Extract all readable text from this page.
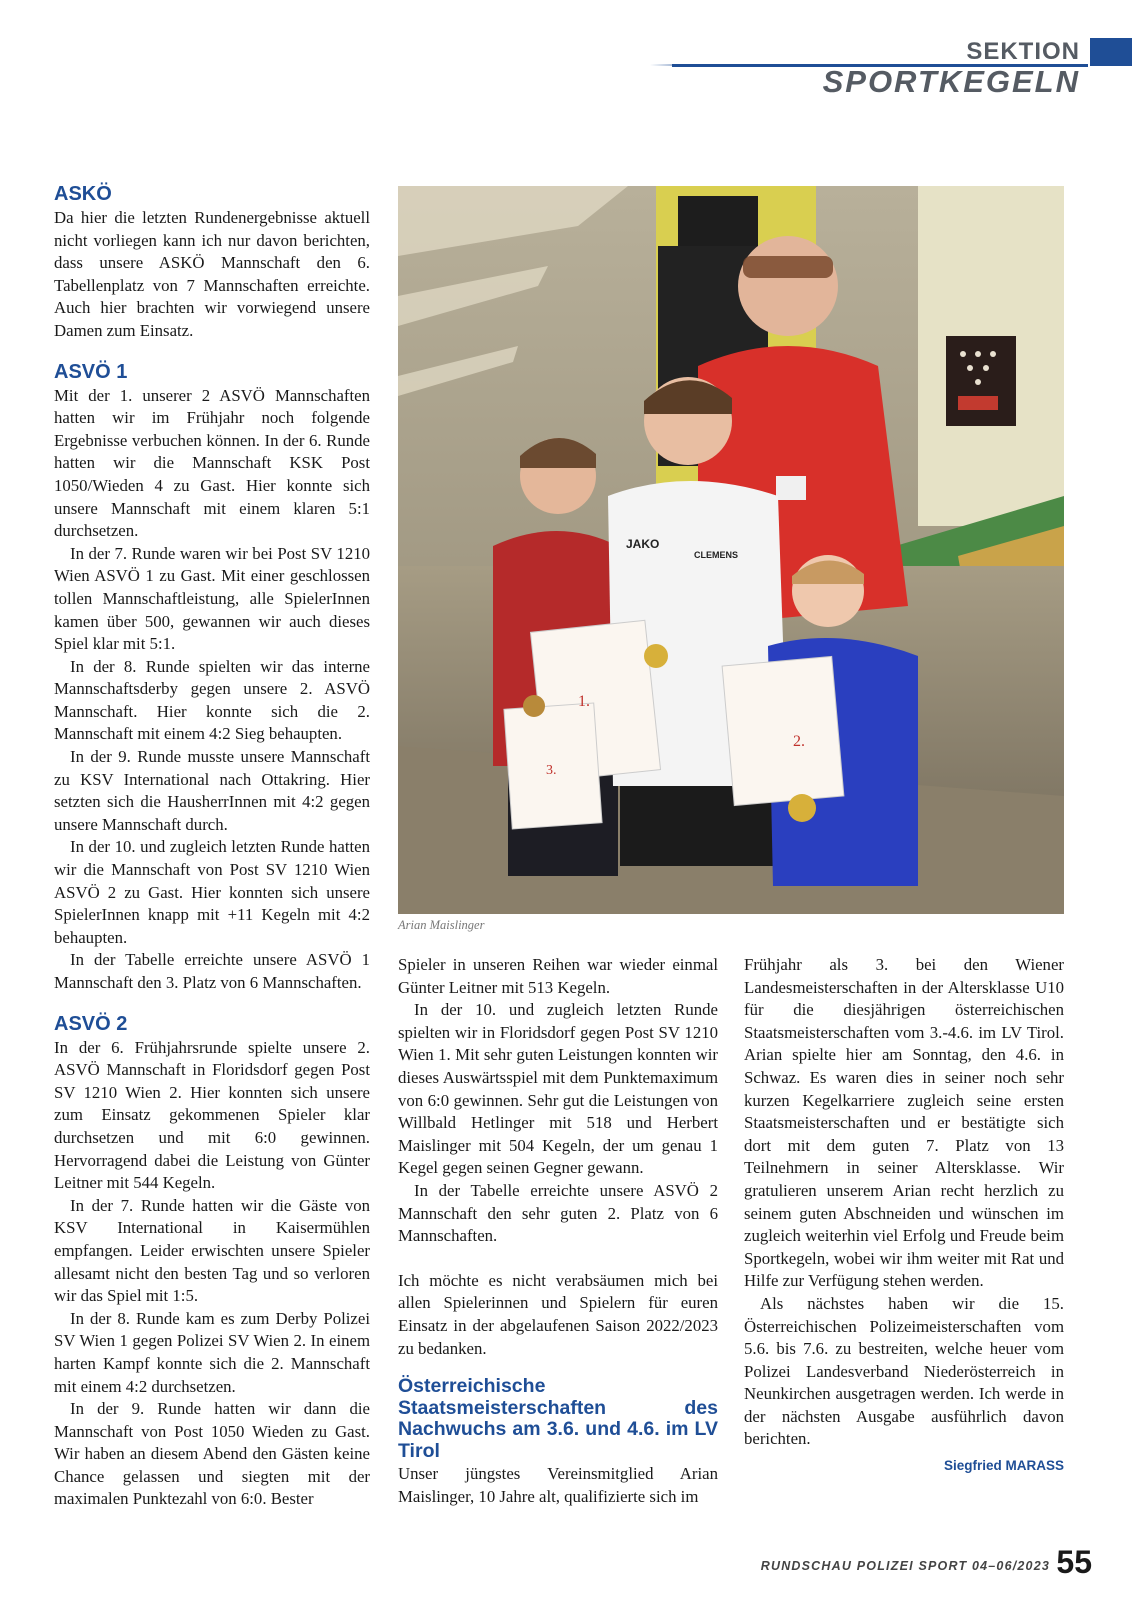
SEKTION
SPORTKEGELN
ASKÖ

Da hier die letzten Rundenergebnisse aktuell nicht vorliegen kann ich nur davon berichten, dass unsere ASKÖ Mannschaft den 6. Tabellenplatz von 7 Mannschaften erreichte. Auch hier brachten wir vorwiegend unsere Damen zum Einsatz.

ASVÖ 1

Mit der 1. unserer 2 ASVÖ Mannschaften hatten wir im Frühjahr noch folgende Ergebnisse verbuchen können. In der 6. Runde hatten wir die Mannschaft KSK Post 1050/Wieden 4 zu Gast. Hier konnte sich unsere Mannschaft mit einem klaren 5:1 durchsetzen.

In der 7. Runde waren wir bei Post SV 1210 Wien ASVÖ 1 zu Gast. Mit einer geschlossen tollen Mannschaftleistung, alle SpielerInnen kamen über 500, gewannen wir auch dieses Spiel klar mit 5:1.

In der 8. Runde spielten wir das interne Mannschaftsderby gegen unsere 2. ASVÖ Mannschaft. Hier konnte sich die 2. Mannschaft mit einem 4:2 Sieg behaupten.

In der 9. Runde musste unsere Mannschaft zu KSV International nach Ottakring. Hier setzten sich die HausherrInnen mit 4:2 gegen unsere Mannschaft durch.

In der 10. und zugleich letzten Runde hatten wir die Mannschaft von Post SV 1210 Wien ASVÖ 2 zu Gast. Hier konnten sich unsere SpielerInnen knapp mit +11 Kegeln mit 4:2 behaupten.

In der Tabelle erreichte unsere ASVÖ 1 Mannschaft den 3. Platz von 6 Mannschaften.

ASVÖ 2

In der 6. Frühjahrsrunde spielte unsere 2. ASVÖ Mannschaft in Floridsdorf gegen Post SV 1210 Wien 2. Hier konnten sich unsere zum Einsatz gekommenen Spieler klar durchsetzen und mit 6:0 gewinnen. Hervorragend dabei die Leistung von Günter Leitner mit 544 Kegeln.

In der 7. Runde hatten wir die Gäste von KSV International in Kaisermühlen empfangen. Leider erwischten unsere Spieler allesamt nicht den besten Tag und so verloren wir das Spiel mit 1:5.

In der 8. Runde kam es zum Derby Polizei SV Wien 1 gegen Polizei SV Wien 2. In einem harten Kampf konnte sich die 2. Mannschaft mit einem 4:2 durchsetzen.

In der 9. Runde hatten wir dann die Mannschaft von Post 1050 Wieden zu Gast. Wir haben an diesem Abend den Gästen keine Chance gelassen und siegten mit der maximalen Punktezahl von 6:0. Bester

JAKO
CLEMENS
1.
2.
3.
Arian Maislinger

Spieler in unseren Reihen war wieder einmal Günter Leitner mit 513 Kegeln.

In der 10. und zugleich letzten Runde spielten wir in Floridsdorf gegen Post SV 1210 Wien 1. Mit sehr guten Leistungen konnten wir dieses Auswärtsspiel mit dem Punktemaximum von 6:0 gewinnen. Sehr gut die Leistungen von Willbald Hetlinger mit 518 und Herbert Maislinger mit 504 Kegeln, der um genau 1 Kegel gegen seinen Gegner gewann.

In der Tabelle erreichte unsere ASVÖ 2 Mannschaft den sehr guten 2. Platz von 6 Mannschaften.

Ich möchte es nicht verabsäumen mich bei allen Spielerinnen und Spielern für euren Einsatz in der abgelaufenen Saison 2022/2023 zu bedanken.

Österreichische Staatsmeisterschaften des Nachwuchs am 3.6. und 4.6. im LV Tirol

Unser jüngstes Vereinsmitglied Arian Maislinger, 10 Jahre alt, qualifizierte sich im

Frühjahr als 3. bei den Wiener Landesmeisterschaften in der Altersklasse U10 für die diesjährigen österreichischen Staatsmeisterschaften vom 3.-4.6. im LV Tirol. Arian spielte hier am Sonntag, den 4.6. in Schwaz. Es waren dies in seiner noch sehr kurzen Kegelkarriere zugleich seine ersten Staatsmeisterschaften und er bestätigte sich dort mit dem guten 7. Platz von 13 Teilnehmern in seiner Altersklasse. Wir gratulieren unserem Arian recht herzlich zu seinem guten Abschneiden und wünschen im zugleich weiterhin viel Erfolg und Freude beim Sportkegeln, wobei wir ihm weiter mit Rat und Hilfe zur Verfügung stehen werden.

Als nächstes haben wir die 15. Österreichischen Polizeimeisterschaften vom 5.6. bis 7.6. zu bestreiten, welche heuer vom Polizei Landesverband Niederösterreich in Neunkirchen ausgetragen werden. Ich werde in der nächsten Ausgabe ausführlich davon berichten.

Siegfried MARASS
RUNDSCHAU POLIZEI SPORT 04–06/2023 55
